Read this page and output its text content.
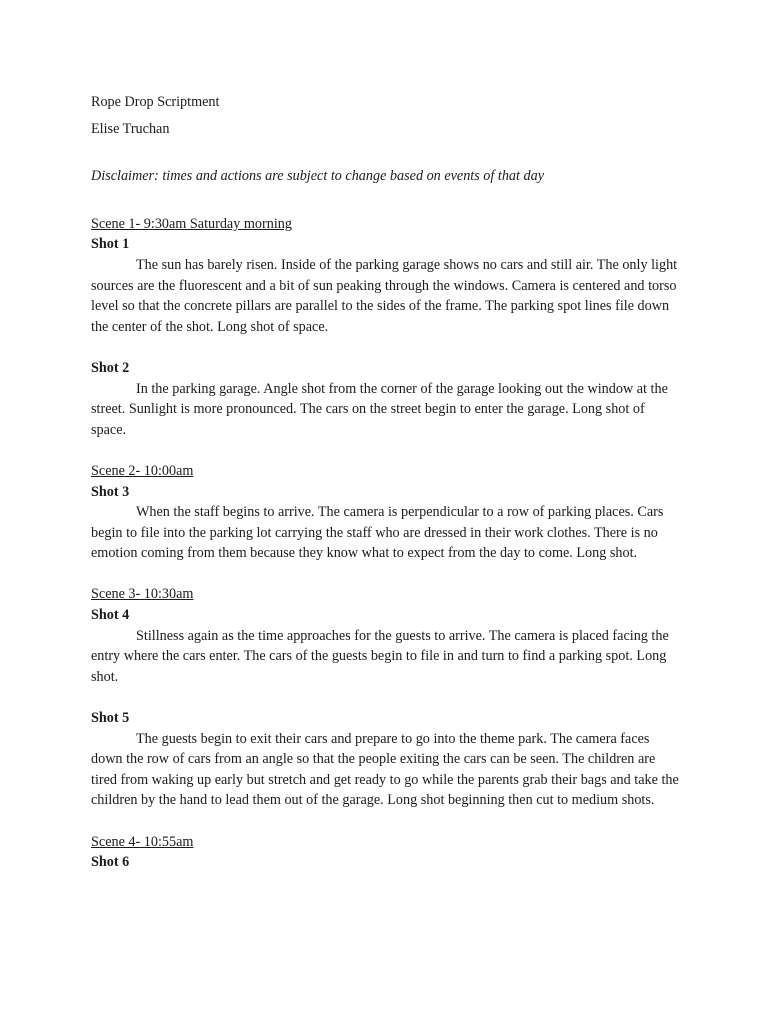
Rope Drop Scriptment
Elise Truchan
Disclaimer: times and actions are subject to change based on events of that day
Scene 1- 9:30am Saturday morning
Shot 1

The sun has barely risen. Inside of the parking garage shows no cars and still air. The only light sources are the fluorescent and a bit of sun peaking through the windows. Camera is centered and torso level so that the concrete pillars are parallel to the sides of the frame. The parking spot lines file down the center of the shot. Long shot of space.

Shot 2

In the parking garage. Angle shot from the corner of the garage looking out the window at the street. Sunlight is more pronounced. The cars on the street begin to enter the garage. Long shot of space.

Scene 2- 10:00am
Shot 3

When the staff begins to arrive. The camera is perpendicular to a row of parking places. Cars begin to file into the parking lot carrying the staff who are dressed in their work clothes. There is no emotion coming from them because they know what to expect from the day to come. Long shot.

Scene 3- 10:30am
Shot 4

Stillness again as the time approaches for the guests to arrive. The camera is placed facing the entry where the cars enter. The cars of the guests begin to file in and turn to find a parking spot. Long shot.

Shot 5

The guests begin to exit their cars and prepare to go into the theme park. The camera faces down the row of cars from an angle so that the people exiting the cars can be seen. The children are tired from waking up early but stretch and get ready to go while the parents grab their bags and take the children by the hand to lead them out of the garage. Long shot beginning then cut to medium shots.

Scene 4- 10:55am
Shot 6
